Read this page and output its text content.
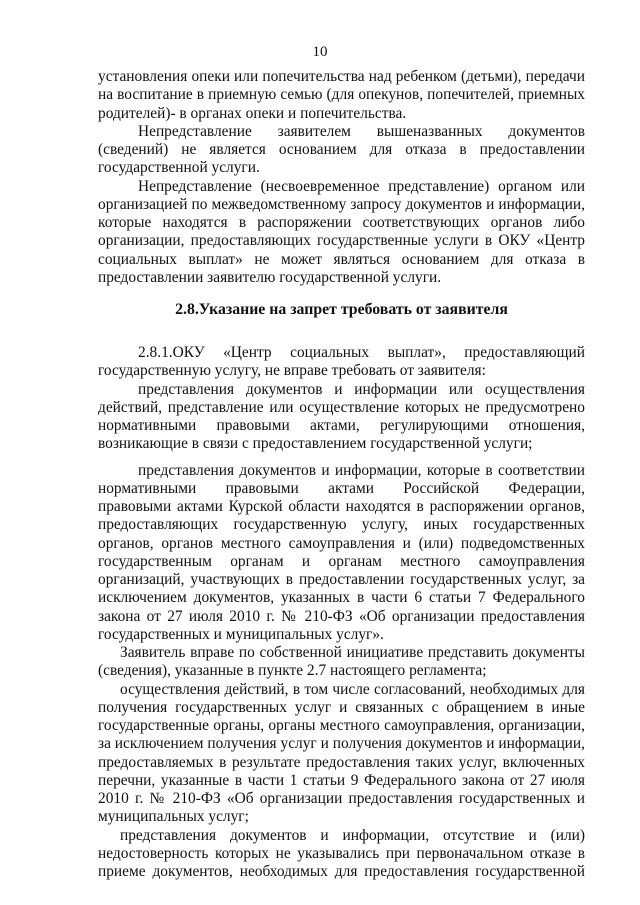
10
установления опеки или попечительства над ребенком (детьми), передачи
на воспитание в приемную семью (для опекунов, попечителей, приемных
родителей)- в органах опеки и попечительства.
Непредставление заявителем вышеназванных документов
(сведений) не является основанием для отказа в предоставлении
государственной услуги.
Непредставление (несвоевременное представление) органом или
организацией по межведомственному запросу документов и информации,
которые находятся в распоряжении соответствующих органов либо
организации, предоставляющих государственные услуги в ОКУ «Центр
социальных выплат» не может являться основанием для отказа в
предоставлении заявителю государственной услуги.
2.8.Указание на запрет требовать от заявителя
2.8.1.ОКУ «Центр социальных выплат», предоставляющий
государственную услугу, не вправе требовать от заявителя:
представления документов и информации или осуществления
действий, представление или осуществление которых не предусмотрено
нормативными правовыми актами, регулирующими отношения,
возникающие в связи с предоставлением государственной услуги;
представления документов и информации, которые в соответствии
нормативными правовыми актами Российской Федерации,
правовыми актами Курской области находятся в распоряжении органов,
предоставляющих государственную услугу, иных государственных
органов, органов местного самоуправления и (или) подведомственных
государственным органам и органам местного самоуправления
организаций, участвующих в предоставлении государственных услуг, за
исключением документов, указанных в части 6 статьи 7 Федерального
закона от 27 июля 2010 г. № 210-ФЗ «Об организации предоставления
государственных и муниципальных услуг».
Заявитель вправе по собственной инициативе представить документы
(сведения), указанные в пункте 2.7 настоящего регламента;
осуществления действий, в том числе согласований, необходимых для
получения государственных услуг и связанных с обращением в иные
государственные органы, органы местного самоуправления, организации,
за исключением получения услуг и получения документов и информации,
предоставляемых в результате предоставления таких услуг, включенных
перечни, указанные в части 1 статьи 9 Федерального закона от 27 июля
2010 г. № 210-ФЗ «Об организации предоставления государственных и
муниципальных услуг;
представления документов и информации, отсутствие и (или)
недостоверность которых не указывались при первоначальном отказе в
приеме документов, необходимых для предоставления государственной
